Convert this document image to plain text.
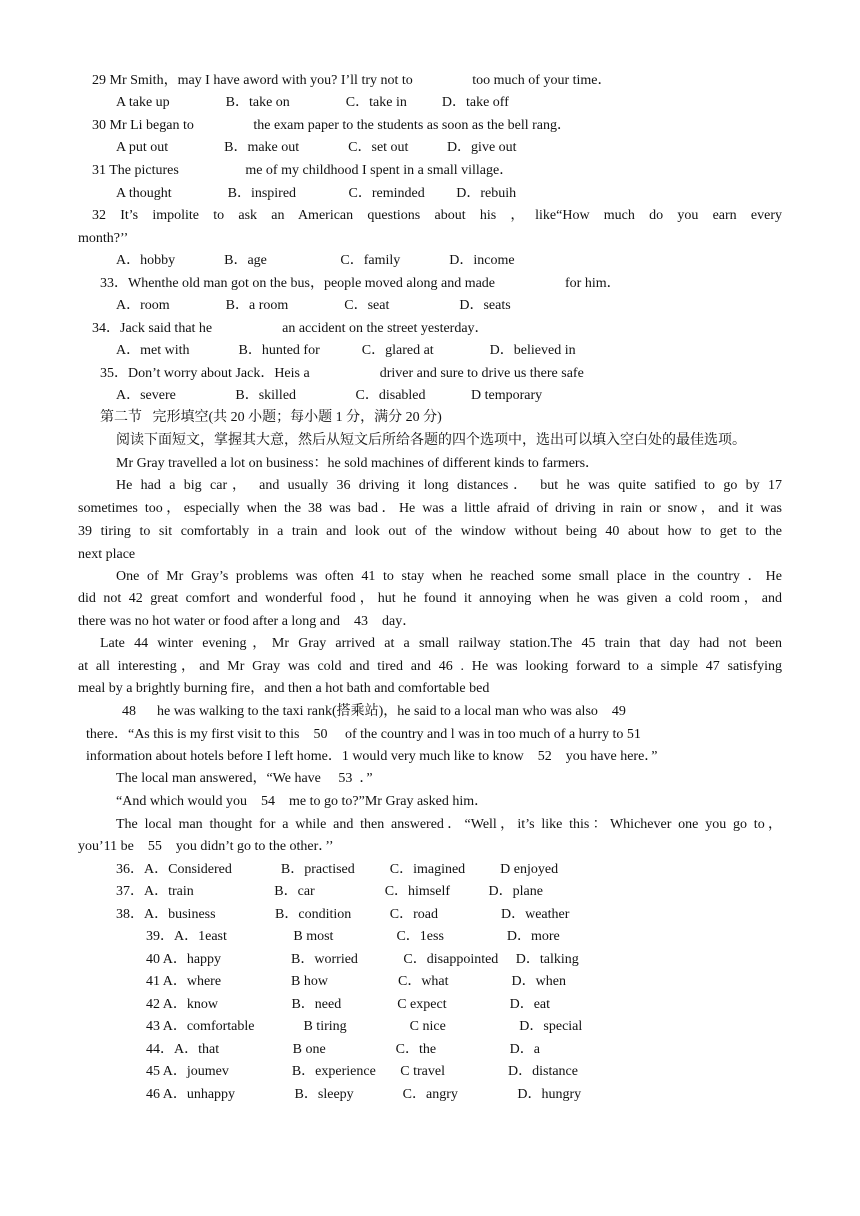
29 Mr Smith，may I have aword with you? I’ll try not to                 too much of your time．
A take up                B．take on                C．take in          D．take off
30 Mr Li began to                 the exam paper to the students as soon as the bell rang．
A put out                B．make out              C．set out           D．give out
31 The pictures                   me of my childhood I spent in a small village．
A thought                B．inspired               C．reminded         D．rebuih
32 It’s impolite to ask an American questions about his ，like“How much do you earn every
month?’’
A．hobby              B．age                     C．family              D．income
33．Whenthe old man got on the bus，people moved along and made                    for him．
A．room                B．a room                C．seat                    D．seats
34．Jack said that he                    an accident on the street yesterday．
A．met with              B．hunted for            C．glared at                D．believed in
35．Don’t worry about Jack．Heis a                    driver and sure to drive us there safe
A．severe                 B．skilled                 C．disabled             D temporary
第二节   完形填空(共 20 小题；每小题 1 分，满分 20 分)
阅读下面短文，掌握其大意，然后从短文后所给各题的四个选项中，选出可以填入空白处的最佳选项。
Mr Gray travelled a lot on business：he sold machines of different kinds to farmers．
He had a big car， and usually 36 driving it long distances． but he was quite satified to go by 17
sometimes too，especially when the 38 was bad．He was a little afraid of driving in rain or snow，and it was
39 tiring to sit comfortably in a train and look out of the window without being 40 about how to get to the
next place
One of Mr Gray’s problems was often 41 to stay when he reached some small place in the country ．He
did not 42 great comfort and wonderful food，hut he found it annoying when he was given a cold room，and
there was no hot water or food after a long and    43    day．
Late 44 winter evening，Mr Gray arrived at a small railway station.The 45 train that day had not been
at all interesting，and Mr Gray was cold and tired and 46 . He was looking forward to a simple 47 satisfying
meal by a brightly burning fire，and then a hot bath and comfortable bed
48      he was walking to the taxi rank(搭乘站)，he said to a local man who was also    49
there．“As this is my first visit to this    50     of the country and l was in too much of a hurry to 51
information about hotels before I left home．1 would very much like to know    52    you have here．”
The local man answered，“We have     53  ．”
“And which would you    54    me to go to?”Mr Gray asked him．
The local man thought for a while and then answered．“Well，it’s like this：Whichever one you go to，
you’11 be    55    you didn’t go to the other．’’
36．A．Considered              B．practised          C．imagined          D enjoyed
37．A．train                       B．car                    C．himself           D．plane
38．A．business                 B．condition           C．road                  D．weather
39．A．1east                   B most                  C．1ess                  D．more
40 A．happy                    B．worried             C．disappointed     D．talking
41 A．where                    B how                    C．what                  D．when
42 A．know                     B．need                C expect                  D．eat
43 A．comfortable              B tiring                  C nice                     D．special
44．A．that                     B one                    C．the                     D．a
45 A．joumev                  B．experience       C travel                  D．distance
46 A．unhappy                 B．sleepy              C．angry                 D．hungry
